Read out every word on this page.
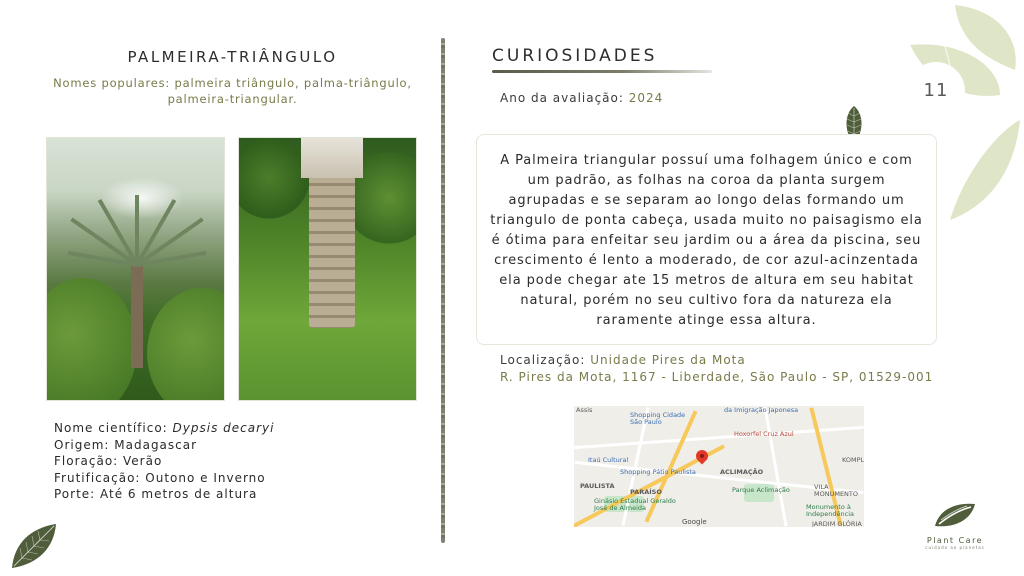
11
PALMEIRA-TRIÂNGULO
Nomes populares: palmeira triângulo, palma-triângulo, palmeira-triangular.
Nome científico: Dypsis decaryi
Origem: Madagascar
Floração: Verão
Frutificação: Outono e Inverno
Porte: Até 6 metros de altura
CURIOSIDADES
Ano da avaliação: 2024

A Palmeira triangular possuí uma folhagem único e com um padrão, as folhas na coroa da planta surgem agrupadas e se separam ao longo delas formando um triangulo de ponta cabeça, usada muito no paisagismo ela é ótima para enfeitar seu jardim ou a área da piscina, seu crescimento é lento a moderado, de cor azul-acinzentada ela pode chegar ate 15 metros de altura em seu habitat natural, porém no seu cultivo fora da natureza ela raramente atinge essa altura.

Localização: Unidade Pires da Mota
R. Pires da Mota, 1167 - Liberdade, São Paulo - SP, 01529-001
Assis
Shopping Cidade São Paulo
da Imigração Japonesa
Hoxorfel Cruz Azul
Itaú Cultural
Shopping Pátio Paulista	ACLIMAÇÃO
KOMPL
PAULISTA
PARAÍSO	Parque Aclimação	VILA MONUMENTO
Ginásio Estadual Geraldo José de Almeida	Monumento à Independência
JARDIM GLÓRIA
Google
Plant Care
cuidado ao planetas
